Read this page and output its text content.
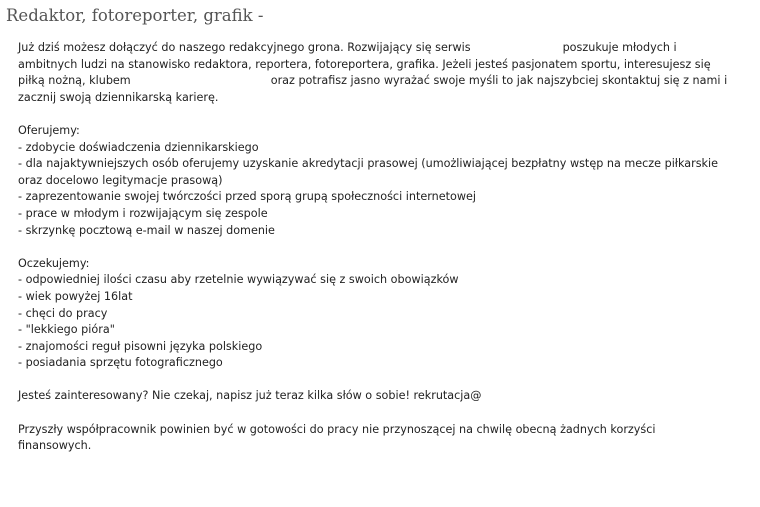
Redaktor, fotoreporter, grafik -
Już dziś możesz dołączyć do naszego redakcyjnego grona. Rozwijający się serwis	poszukuje młodych i
ambitnych ludzi na stanowisko redaktora, reportera, fotoreportera, grafika. Jeżeli jesteś pasjonatem sportu, interesujesz się
piłką nożną, klubem	oraz potrafisz jasno wyrażać swoje myśli to jak najszybciej skontaktuj się z nami i
zacznij swoją dziennikarską karierę.
Oferujemy:
- zdobycie doświadczenia dziennikarskiego
- dla najaktywniejszych osób oferujemy uzyskanie akredytacji prasowej (umożliwiającej bezpłatny wstęp na mecze piłkarskie
oraz docelowo legitymacje prasową)
- zaprezentowanie swojej twórczości przed sporą grupą społeczności internetowej
- prace w młodym i rozwijającym się zespole
- skrzynkę pocztową e-mail w naszej domenie
Oczekujemy:
- odpowiedniej ilości czasu aby rzetelnie wywiązywać się z swoich obowiązków
- wiek powyżej 16lat
- chęci do pracy
- "lekkiego pióra"
- znajomości reguł pisowni języka polskiego
- posiadania sprzętu fotograficznego
Jesteś zainteresowany? Nie czekaj, napisz już teraz kilka słów o sobie! rekrutacja@
Przyszły współpracownik powinien być w gotowości do pracy nie przynoszącej na chwilę obecną żadnych korzyści
finansowych.
